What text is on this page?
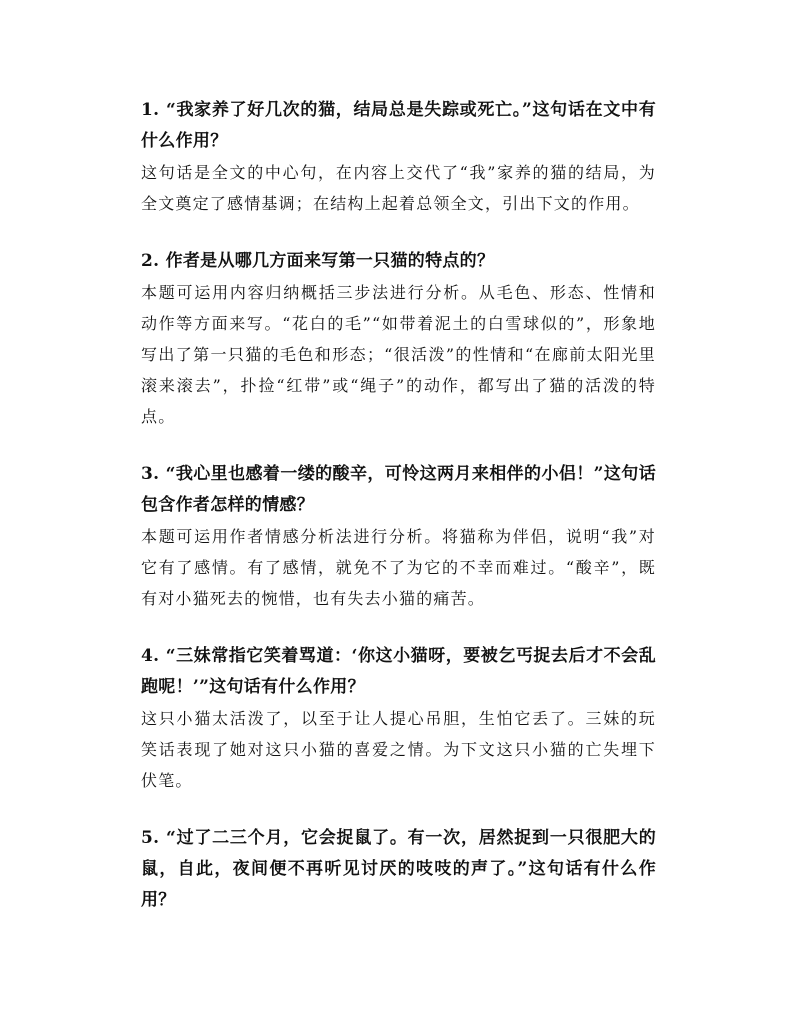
1. “我家养了好几次的猫，结局总是失踪或死亡。”这句话在文中有什么作用？

这句话是全文的中心句，在内容上交代了“我”家养的猫的结局，为全文奠定了感情基调；在结构上起着总领全文，引出下文的作用。

2. 作者是从哪几方面来写第一只猫的特点的？

本题可运用内容归纳概括三步法进行分析。从毛色、形态、性情和动作等方面来写。“花白的毛”“如带着泥土的白雪球似的”，形象地写出了第一只猫的毛色和形态；“很活泼”的性情和“在廊前太阳光里滚来滚去”，扑捡“红带”或“绳子”的动作，都写出了猫的活泼的特点。

3. “我心里也感着一缕的酸辛，可怜这两月来相伴的小侣！”这句话包含作者怎样的情感？

本题可运用作者情感分析法进行分析。将猫称为伴侣，说明“我”对它有了感情。有了感情，就免不了为它的不幸而难过。“酸辛”，既有对小猫死去的惋惜，也有失去小猫的痛苦。

4. “三妹常指它笑着骂道：‘你这小猫呀，要被乞丐捉去后才不会乱跑呢！’”这句话有什么作用？

这只小猫太活泼了，以至于让人提心吊胆，生怕它丢了。三妹的玩笑话表现了她对这只小猫的喜爱之情。为下文这只小猫的亡失埋下伏笔。

5. “过了二三个月，它会捉鼠了。有一次，居然捉到一只很肥大的鼠，自此，夜间便不再听见讨厌的吱吱的声了。”这句话有什么作用？
